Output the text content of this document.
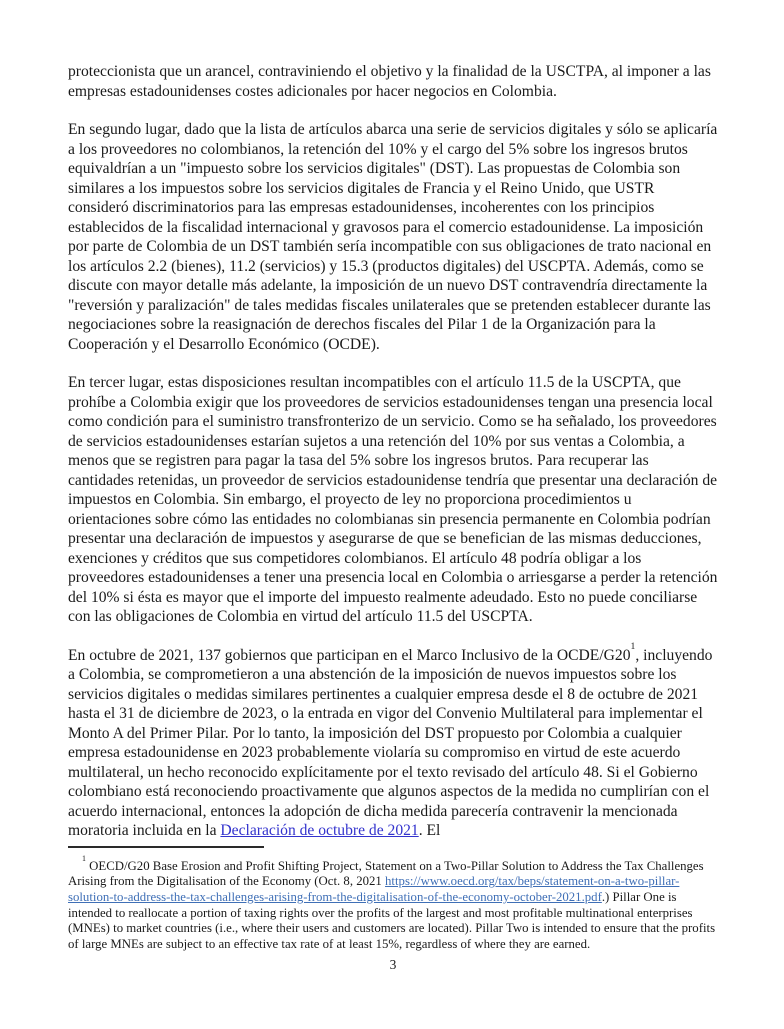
proteccionista que un arancel, contraviniendo el objetivo y la finalidad de la USCTPA, al imponer a las empresas estadounidenses costes adicionales por hacer negocios en Colombia.

En segundo lugar, dado que la lista de artículos abarca una serie de servicios digitales y sólo se aplicaría a los proveedores no colombianos, la retención del 10% y el cargo del 5% sobre los ingresos brutos equivaldrían a un "impuesto sobre los servicios digitales" (DST). Las propuestas de Colombia son similares a los impuestos sobre los servicios digitales de Francia y el Reino Unido, que USTR consideró discriminatorios para las empresas estadounidenses, incoherentes con los principios establecidos de la fiscalidad internacional y gravosos para el comercio estadounidense. La imposición por parte de Colombia de un DST también sería incompatible con sus obligaciones de trato nacional en los artículos 2.2 (bienes), 11.2 (servicios) y 15.3 (productos digitales) del USCPTA. Además, como se discute con mayor detalle más adelante, la imposición de un nuevo DST contravendría directamente la "reversión y paralización" de tales medidas fiscales unilaterales que se pretenden establecer durante las negociaciones sobre la reasignación de derechos fiscales del Pilar 1 de la Organización para la Cooperación y el Desarrollo Económico (OCDE).

En tercer lugar, estas disposiciones resultan incompatibles con el artículo 11.5 de la USCPTA, que prohíbe a Colombia exigir que los proveedores de servicios estadounidenses tengan una presencia local como condición para el suministro transfronterizo de un servicio. Como se ha señalado, los proveedores de servicios estadounidenses estarían sujetos a una retención del 10% por sus ventas a Colombia, a menos que se registren para pagar la tasa del 5% sobre los ingresos brutos. Para recuperar las cantidades retenidas, un proveedor de servicios estadounidense tendría que presentar una declaración de impuestos en Colombia. Sin embargo, el proyecto de ley no proporciona procedimientos u orientaciones sobre cómo las entidades no colombianas sin presencia permanente en Colombia podrían presentar una declaración de impuestos y asegurarse de que se benefician de las mismas deducciones, exenciones y créditos que sus competidores colombianos. El artículo 48 podría obligar a los proveedores estadounidenses a tener una presencia local en Colombia o arriesgarse a perder la retención del 10% si ésta es mayor que el importe del impuesto realmente adeudado. Esto no puede conciliarse con las obligaciones de Colombia en virtud del artículo 11.5 del USCPTA.

En octubre de 2021, 137 gobiernos que participan en el Marco Inclusivo de la OCDE/G20$^1$, incluyendo a Colombia, se comprometieron a una abstención de la imposición de nuevos impuestos sobre los servicios digitales o medidas similares pertinentes a cualquier empresa desde el 8 de octubre de 2021 hasta el 31 de diciembre de 2023, o la entrada en vigor del Convenio Multilateral para implementar el Monto A del Primer Pilar. Por lo tanto, la imposición del DST propuesto por Colombia a cualquier empresa estadounidense en 2023 probablemente violaría su compromiso en virtud de este acuerdo multilateral, un hecho reconocido explícitamente por el texto revisado del artículo 48. Si el Gobierno colombiano está reconociendo proactivamente que algunos aspectos de la medida no cumplirían con el acuerdo internacional, entonces la adopción de dicha medida parecería contravenir la mencionada moratoria incluida en la Declaración de octubre de 2021. El

$^1$ OECD/G20 Base Erosion and Profit Shifting Project, Statement on a Two-Pillar Solution to Address the Tax Challenges Arising from the Digitalisation of the Economy (Oct. 8, 2021 https://www.oecd.org/tax/beps/statement-on-a-two-pillar-solution-to-address-the-tax-challenges-arising-from-the-digitalisation-of-the-economy-october-2021.pdf.) Pillar One is intended to reallocate a portion of taxing rights over the profits of the largest and most profitable multinational enterprises (MNEs) to market countries (i.e., where their users and customers are located). Pillar Two is intended to ensure that the profits of large MNEs are subject to an effective tax rate of at least 15%, regardless of where they are earned.
3
